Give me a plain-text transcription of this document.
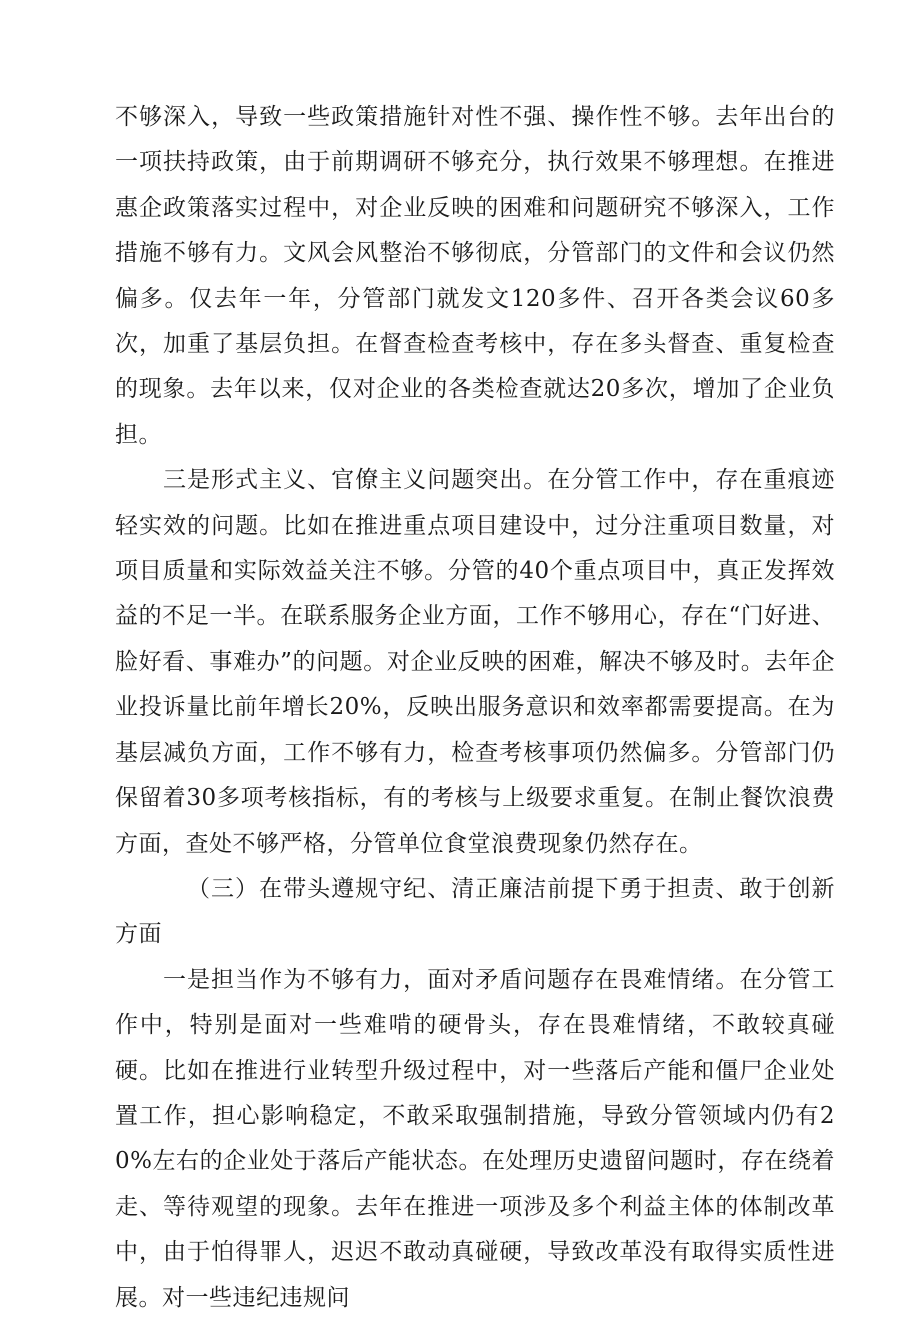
不够深入，导致一些政策措施针对性不强、操作性不够。去年出台的一项扶持政策，由于前期调研不够充分，执行效果不够理想。在推进惠企政策落实过程中，对企业反映的困难和问题研究不够深入，工作措施不够有力。文风会风整治不够彻底，分管部门的文件和会议仍然偏多。仅去年一年，分管部门就发文120多件、召开各类会议60多次，加重了基层负担。在督查检查考核中，存在多头督查、重复检查的现象。去年以来，仅对企业的各类检查就达20多次，增加了企业负担。

三是形式主义、官僚主义问题突出。在分管工作中，存在重痕迹轻实效的问题。比如在推进重点项目建设中，过分注重项目数量，对项目质量和实际效益关注不够。分管的40个重点项目中，真正发挥效益的不足一半。在联系服务企业方面，工作不够用心，存在“门好进、脸好看、事难办”的问题。对企业反映的困难，解决不够及时。去年企业投诉量比前年增长20%，反映出服务意识和效率都需要提高。在为基层减负方面，工作不够有力，检查考核事项仍然偏多。分管部门仍保留着30多项考核指标，有的考核与上级要求重复。在制止餐饮浪费方面，查处不够严格，分管单位食堂浪费现象仍然存在。

（三）在带头遵规守纪、清正廉洁前提下勇于担责、敢于创新方面

一是担当作为不够有力，面对矛盾问题存在畏难情绪。在分管工作中，特别是面对一些难啃的硬骨头，存在畏难情绪，不敢较真碰硬。比如在推进行业转型升级过程中，对一些落后产能和僵尸企业处置工作，担心影响稳定，不敢采取强制措施，导致分管领域内仍有20%左右的企业处于落后产能状态。在处理历史遗留问题时，存在绕着走、等待观望的现象。去年在推进一项涉及多个利益主体的体制改革中，由于怕得罪人，迟迟不敢动真碰硬，导致改革没有取得实质性进展。对一些违纪违规问
